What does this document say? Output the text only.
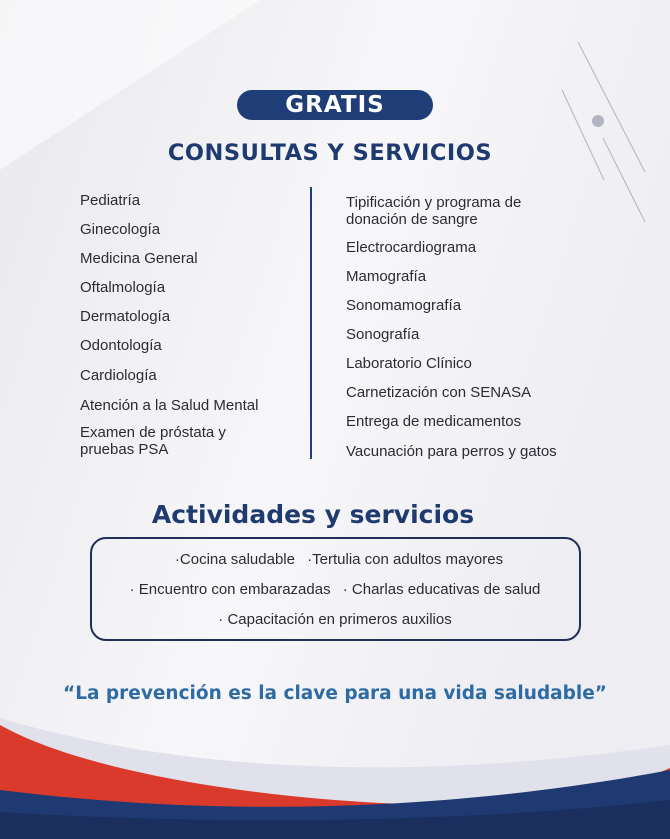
GRATIS
CONSULTAS Y SERVICIOS
Pediatría
Ginecología
Medicina General
Oftalmología
Dermatología
Odontología
Cardiología
Atención a la Salud Mental
Examen de próstata y
pruebas PSA
Tipificación y programa de
donación de sangre
Electrocardiograma
Mamografía
Sonomamografía
Sonografía
Laboratorio Clínico
Carnetización con SENASA
Entrega de medicamentos
Vacunación para perros y gatos
Actividades y servicios
·Cocina saludable ·Tertulia con adultos mayores
· Encuentro con embarazadas · Charlas educativas de salud
· Capacitación en primeros auxilios
“La prevención es la clave para una vida saludable”
